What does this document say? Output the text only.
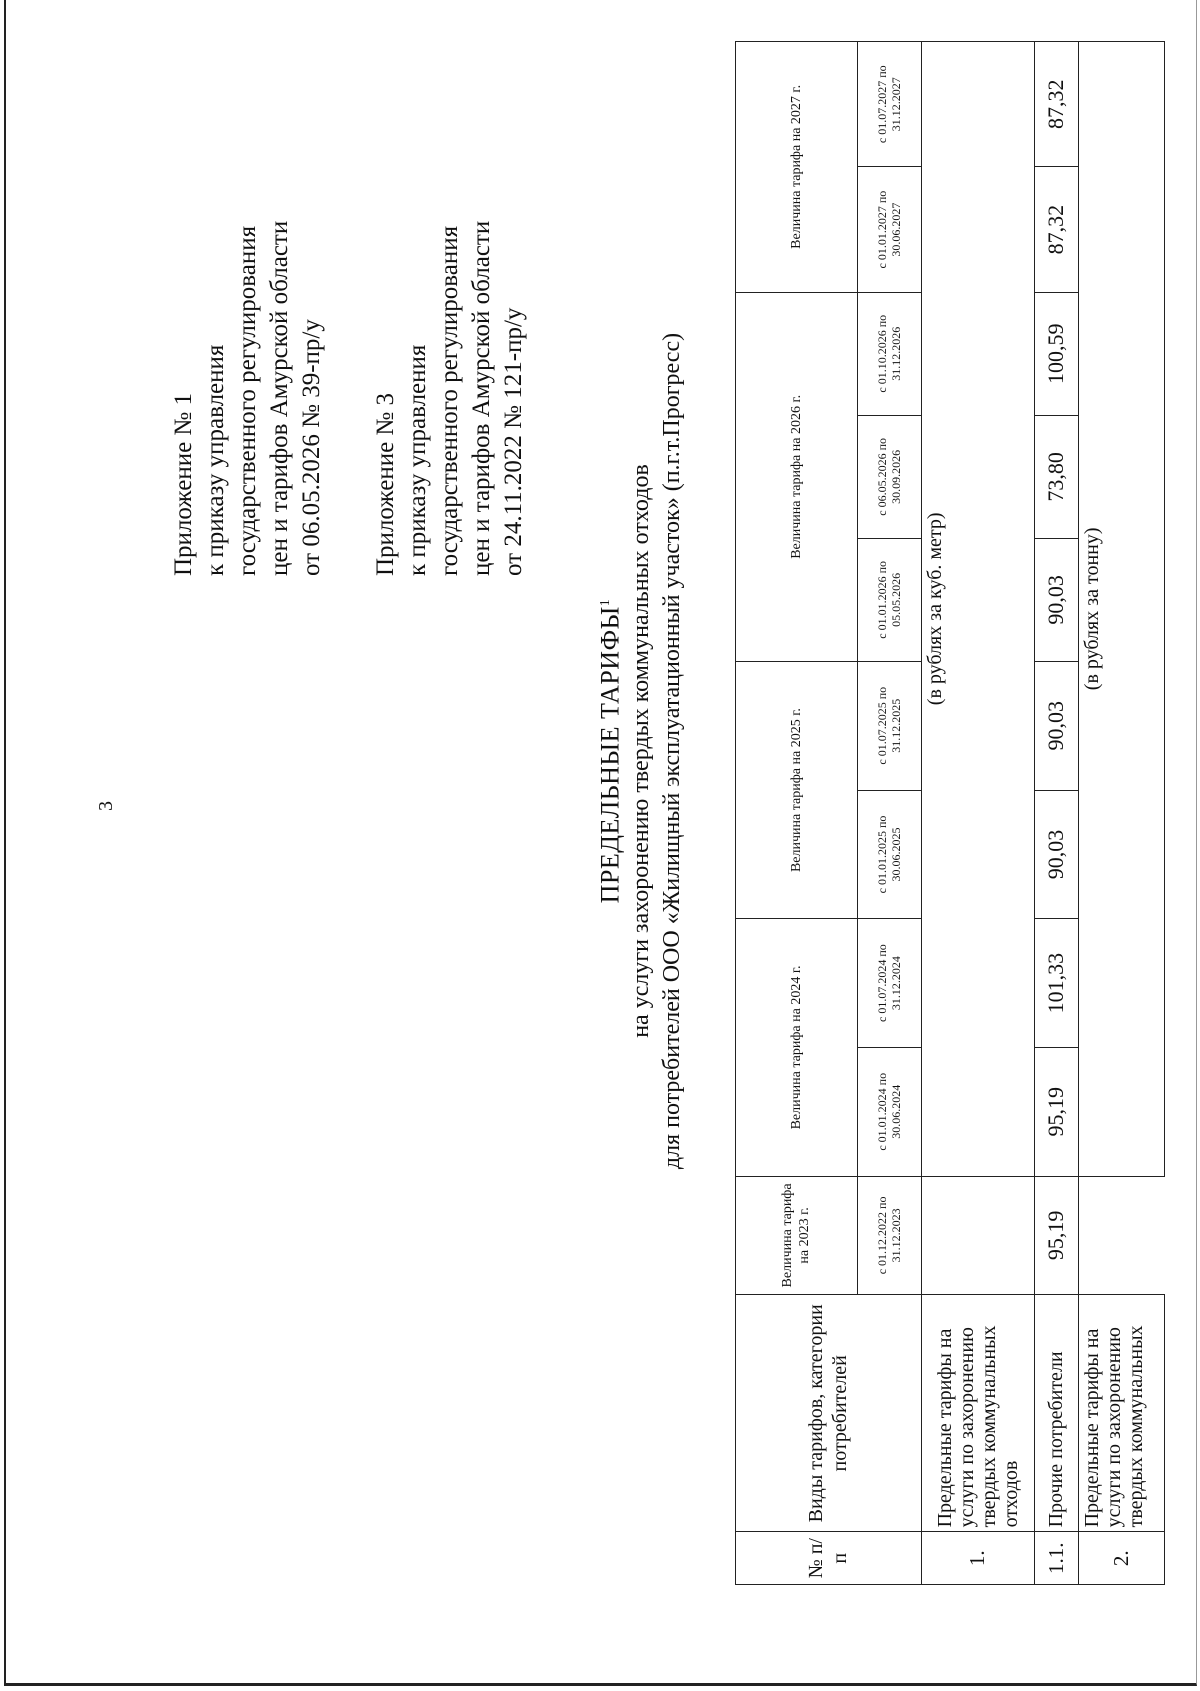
3
Приложение № 1 к приказу управления государственного регулирования цен и тарифов Амурской области от 06.05.2026 № 39-пр/у Приложение № 3 к приказу управления государственного регулирования цен и тарифов Амурской области от 24.11.2022 № 121-пр/у
ПРЕДЕЛЬНЫЕ ТАРИФЫ$^1$ на услуги захоронению твердых коммунальных отходов для потребителей ООО «Жилищный эксплуатационный участок» (п.г.т.Прогресс)
№ п/п	Виды тарифов, категории потребителей	Величина тарифа на 2023 г.	Величина тарифа на 2024 г.		Величина тарифа на 2025 г.		Величина тарифа на 2026 г.			Величина тарифа на 2027 г.	
		с 01.12.2022 по 31.12.2023	с 01.01.2024 по 30.06.2024	с 01.07.2024 по 31.12.2024	с 01.01.2025 по 30.06.2025	с 01.07.2025 по 31.12.2025	с 01.01.2026 по 05.05.2026	с 06.05.2026 по 30.09.2026	с 01.10.2026 по 31.12.2026	с 01.01.2027 по 30.06.2027	с 01.07.2027 по 31.12.2027
1.	Предельные тарифы на услуги по захоронению твердых коммунальных отходов		(в рублях за куб. метр)								
1.1.	Прочие потребители	95,19	95,19	101,33	90,03	90,03	90,03	73,80	100,59	87,32	87,32
2.	Предельные тарифы на услуги по захоронению твердых коммунальных		(в рублях за тонну)								
